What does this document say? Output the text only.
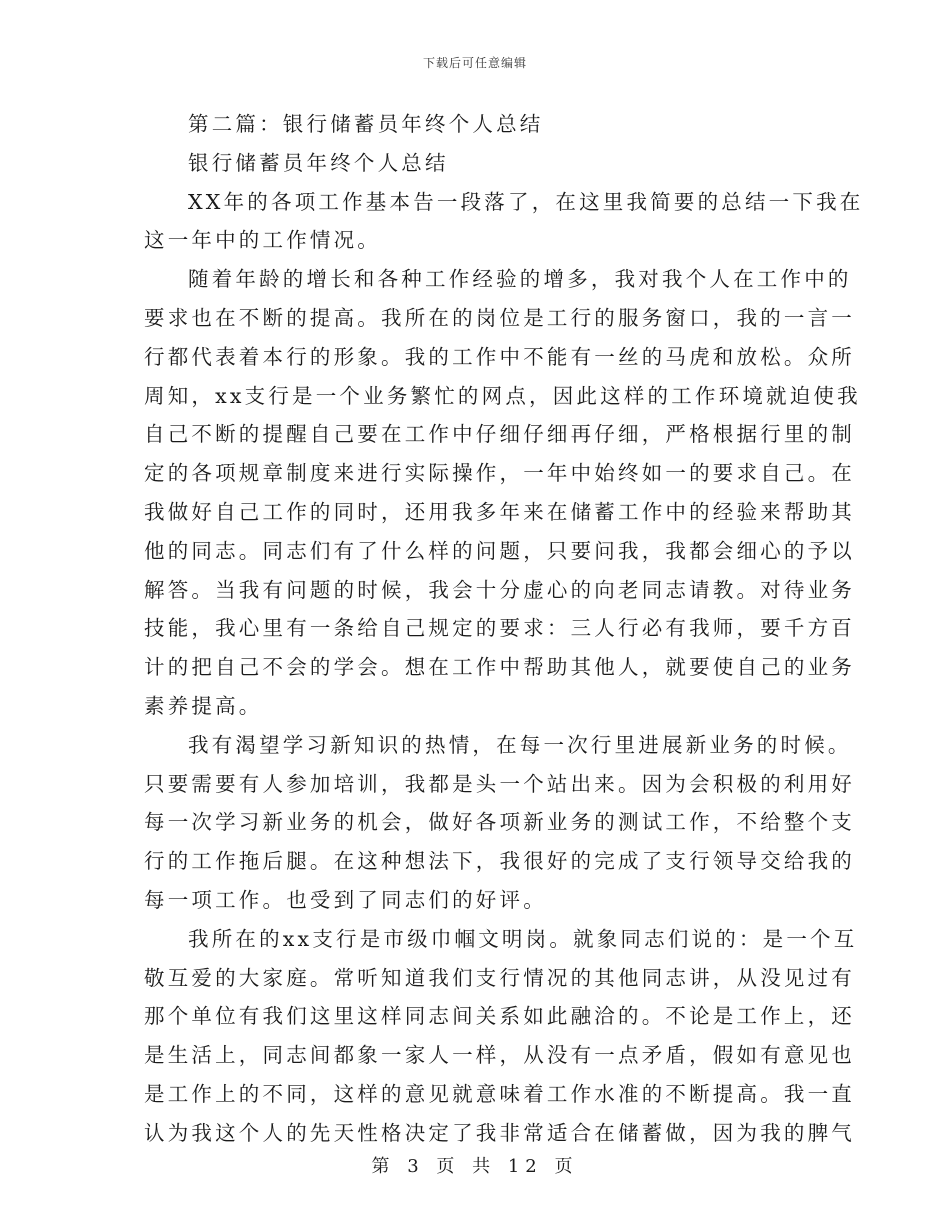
下载后可任意编辑
第二篇：银行储蓄员年终个人总结
银行储蓄员年终个人总结
XX年的各项工作基本告一段落了，在这里我简要的总结一下我在
这一年中的工作情况。
随着年龄的增长和各种工作经验的增多，我对我个人在工作中的
要求也在不断的提高。我所在的岗位是工行的服务窗口，我的一言一
行都代表着本行的形象。我的工作中不能有一丝的马虎和放松。众所
周知，xx支行是一个业务繁忙的网点，因此这样的工作环境就迫使我
自己不断的提醒自己要在工作中仔细仔细再仔细，严格根据行里的制
定的各项规章制度来进行实际操作，一年中始终如一的要求自己。在
我做好自己工作的同时，还用我多年来在储蓄工作中的经验来帮助其
他的同志。同志们有了什么样的问题，只要问我，我都会细心的予以
解答。当我有问题的时候，我会十分虚心的向老同志请教。对待业务
技能，我心里有一条给自己规定的要求：三人行必有我师，要千方百
计的把自己不会的学会。想在工作中帮助其他人，就要使自己的业务
素养提高。
我有渴望学习新知识的热情，在每一次行里进展新业务的时候。
只要需要有人参加培训，我都是头一个站出来。因为会积极的利用好
每一次学习新业务的机会，做好各项新业务的测试工作，不给整个支
行的工作拖后腿。在这种想法下，我很好的完成了支行领导交给我的
每一项工作。也受到了同志们的好评。
我所在的xx支行是市级巾帼文明岗。就象同志们说的：是一个互
敬互爱的大家庭。常听知道我们支行情况的其他同志讲，从没见过有
那个单位有我们这里这样同志间关系如此融洽的。不论是工作上，还
是生活上，同志间都象一家人一样，从没有一点矛盾，假如有意见也
是工作上的不同，这样的意见就意味着工作水准的不断提高。我一直
认为我这个人的先天性格决定了我非常适合在储蓄做，因为我的脾气
第 3 页 共 12 页
